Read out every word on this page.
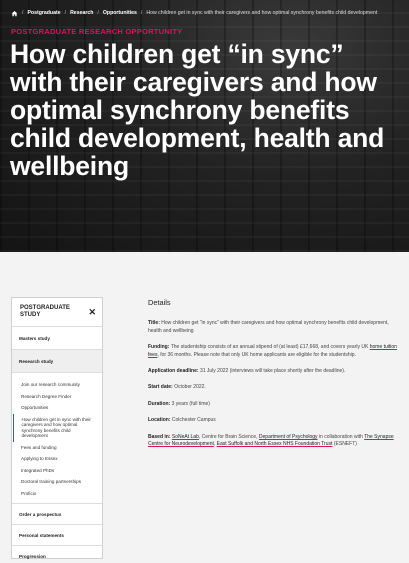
/ Postgraduate / Research / Opportunities / How children get in sync with their caregivers and how optimal synchrony benefits child development
POSTGRADUATE RESEARCH OPPORTUNITY
How children get “in sync” with their caregivers and how optimal synchrony benefits child development, health and wellbeing
POSTGRADUATE STUDY	✕
Masters study
Research study
Join our research community
Research Degree Finder
Opportunities
How children get in sync with their caregivers and how optimal synchrony benefits child development
Fees and funding
Applying to Essex
Integrated PhDs
Doctoral training partnerships
Proficio
Order a prospectus
Personal statements
Progression
Details

Title: How children get “in sync” with their caregivers and how optimal synchrony benefits child development, health and wellbeing

Funding: The studentship consists of an annual stipend of (at least) £17,668, and covers yearly UK home tuition fees, for 36 months. Please note that only UK home applicants are eligible for the studentship.

Application deadline: 31 July 2022 (interviews will take place shortly after the deadline).

Start date: October 2022.

Duration: 3 years (full time)

Location: Colchester Campus

Based in: SoNeAt Lab, Centre for Brain Science, Department of Psychology in collaboration with The Synapse Centre for Neurodevelopment, East Suffolk and North Essex NHS Foundation Trust (ESNEFT)
